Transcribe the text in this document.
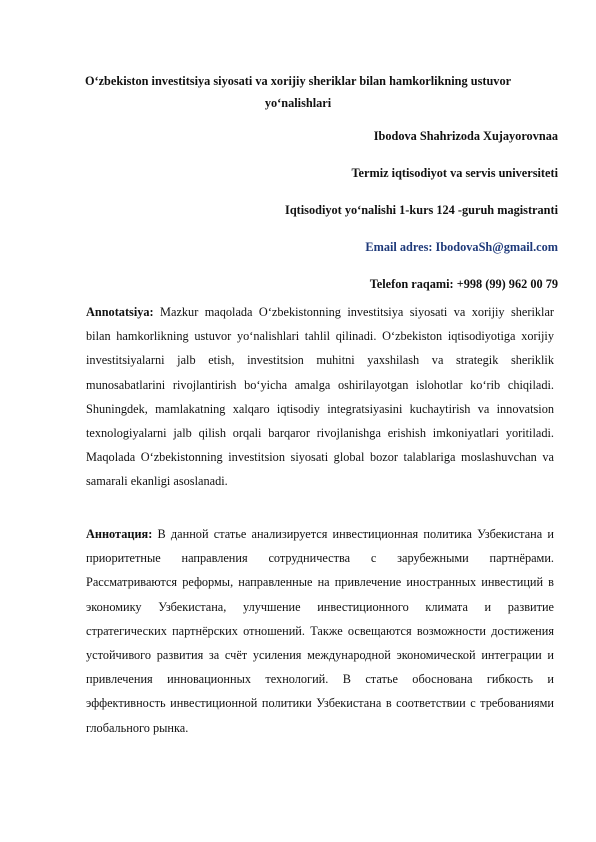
O‘zbekiston investitsiya siyosati va xorijiy sheriklar bilan hamkorlikning ustuvor yo‘nalishlari
Ibodova Shahrizoda Xujayorovnaa
Termiz iqtisodiyot va servis universiteti
Iqtisodiyot yo‘nalishi 1-kurs 124 -guruh magistranti
Email adres: IbodovaSh@gmail.com
Telefon raqami: +998 (99) 962 00 79

Annotatsiya: Mazkur maqolada O‘zbekistonning investitsiya siyosati va xorijiy sheriklar bilan hamkorlikning ustuvor yo‘nalishlari tahlil qilinadi. O‘zbekiston iqtisodiyotiga xorijiy investitsiyalarni jalb etish, investitsion muhitni yaxshilash va strategik sheriklik munosabatlarini rivojlantirish bo‘yicha amalga oshirilayotgan islohotlar ko‘rib chiqiladi. Shuningdek, mamlakatning xalqaro iqtisodiy integratsiyasini kuchaytirish va innovatsion texnologiyalarni jalb qilish orqali barqaror rivojlanishga erishish imkoniyatlari yoritiladi. Maqolada O‘zbekistonning investitsion siyosati global bozor talablariga moslashuvchan va samarali ekanligi asoslanadi.

Аннотация: В данной статье анализируется инвестиционная политика Узбекистана и приоритетные направления сотрудничества с зарубежными партнёрами. Рассматриваются реформы, направленные на привлечение иностранных инвестиций в экономику Узбекистана, улучшение инвестиционного климата и развитие стратегических партнёрских отношений. Также освещаются возможности достижения устойчивого развития за счёт усиления международной экономической интеграции и привлечения инновационных технологий. В статье обоснована гибкость и эффективность инвестиционной политики Узбекистана в соответствии с требованиями глобального рынка.
